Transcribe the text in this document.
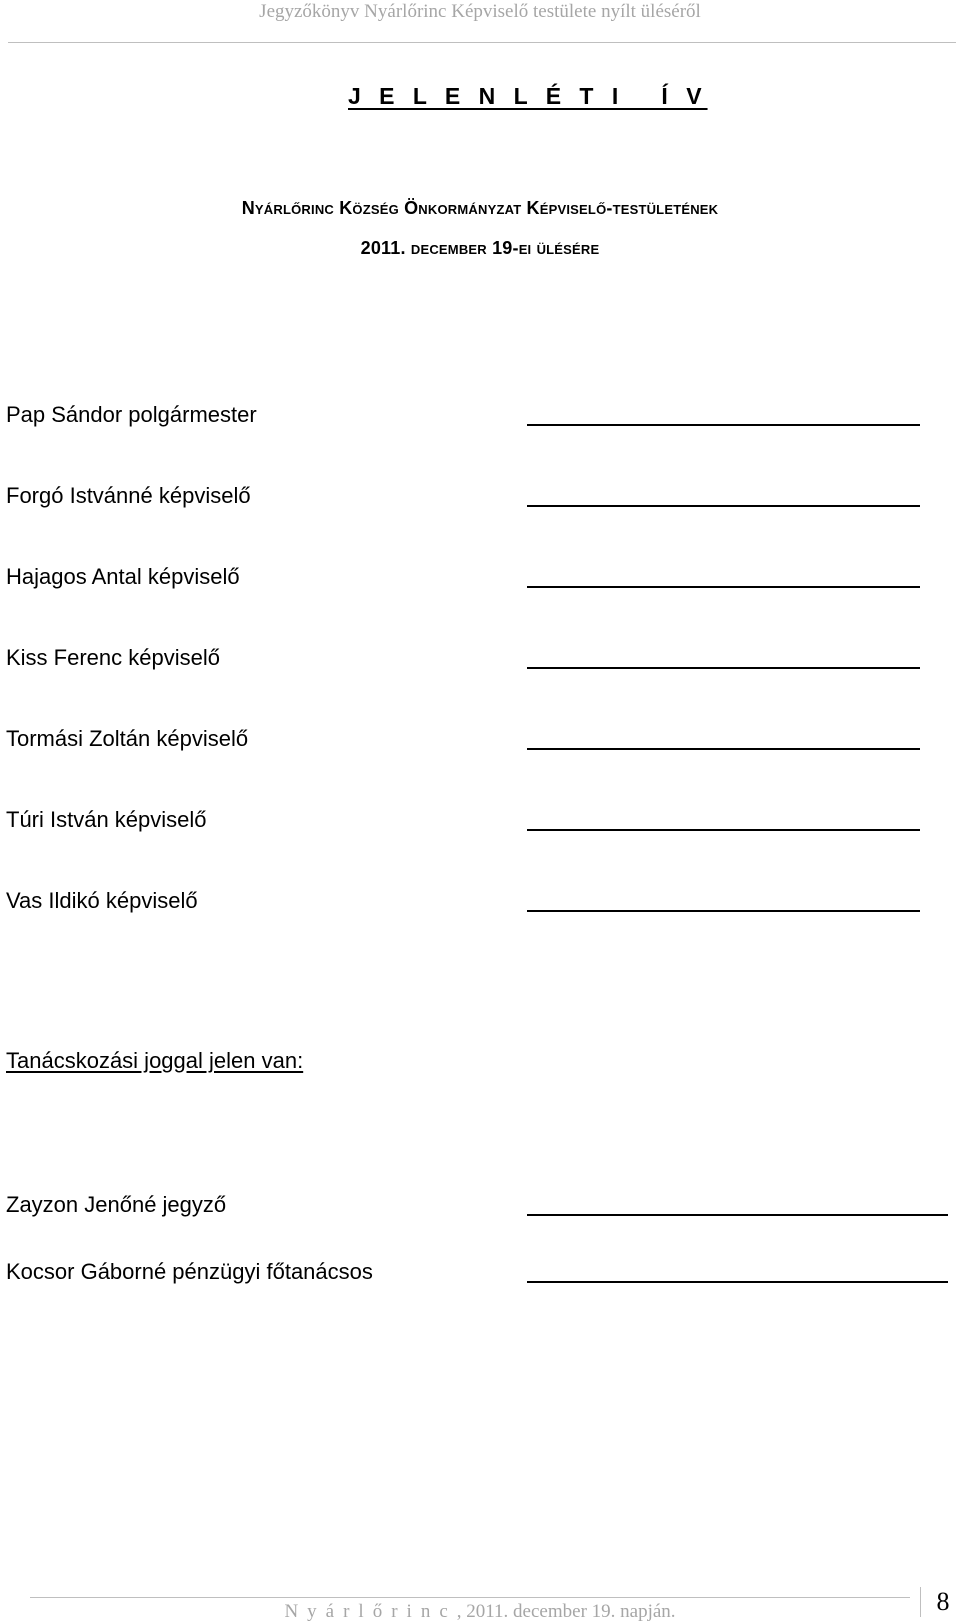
Jegyzőkönyv Nyárlőrinc Képviselő testülete nyílt üléséről
J E L E N L É T I   Í V
Nyárlőrinc Község Önkormányzat Képviselő-testületének
2011. december 19-ei ülésére
Pap Sándor polgármester
Forgó Istvánné képviselő
Hajagos Antal képviselő
Kiss Ferenc képviselő
Tormási Zoltán képviselő
Túri István képviselő
Vas Ildikó képviselő
Tanácskozási joggal jelen van:
Zayzon Jenőné jegyző
Kocsor Gáborné pénzügyi főtanácsos
Nyárlőrinc, 2011. december 19. napján.	8
